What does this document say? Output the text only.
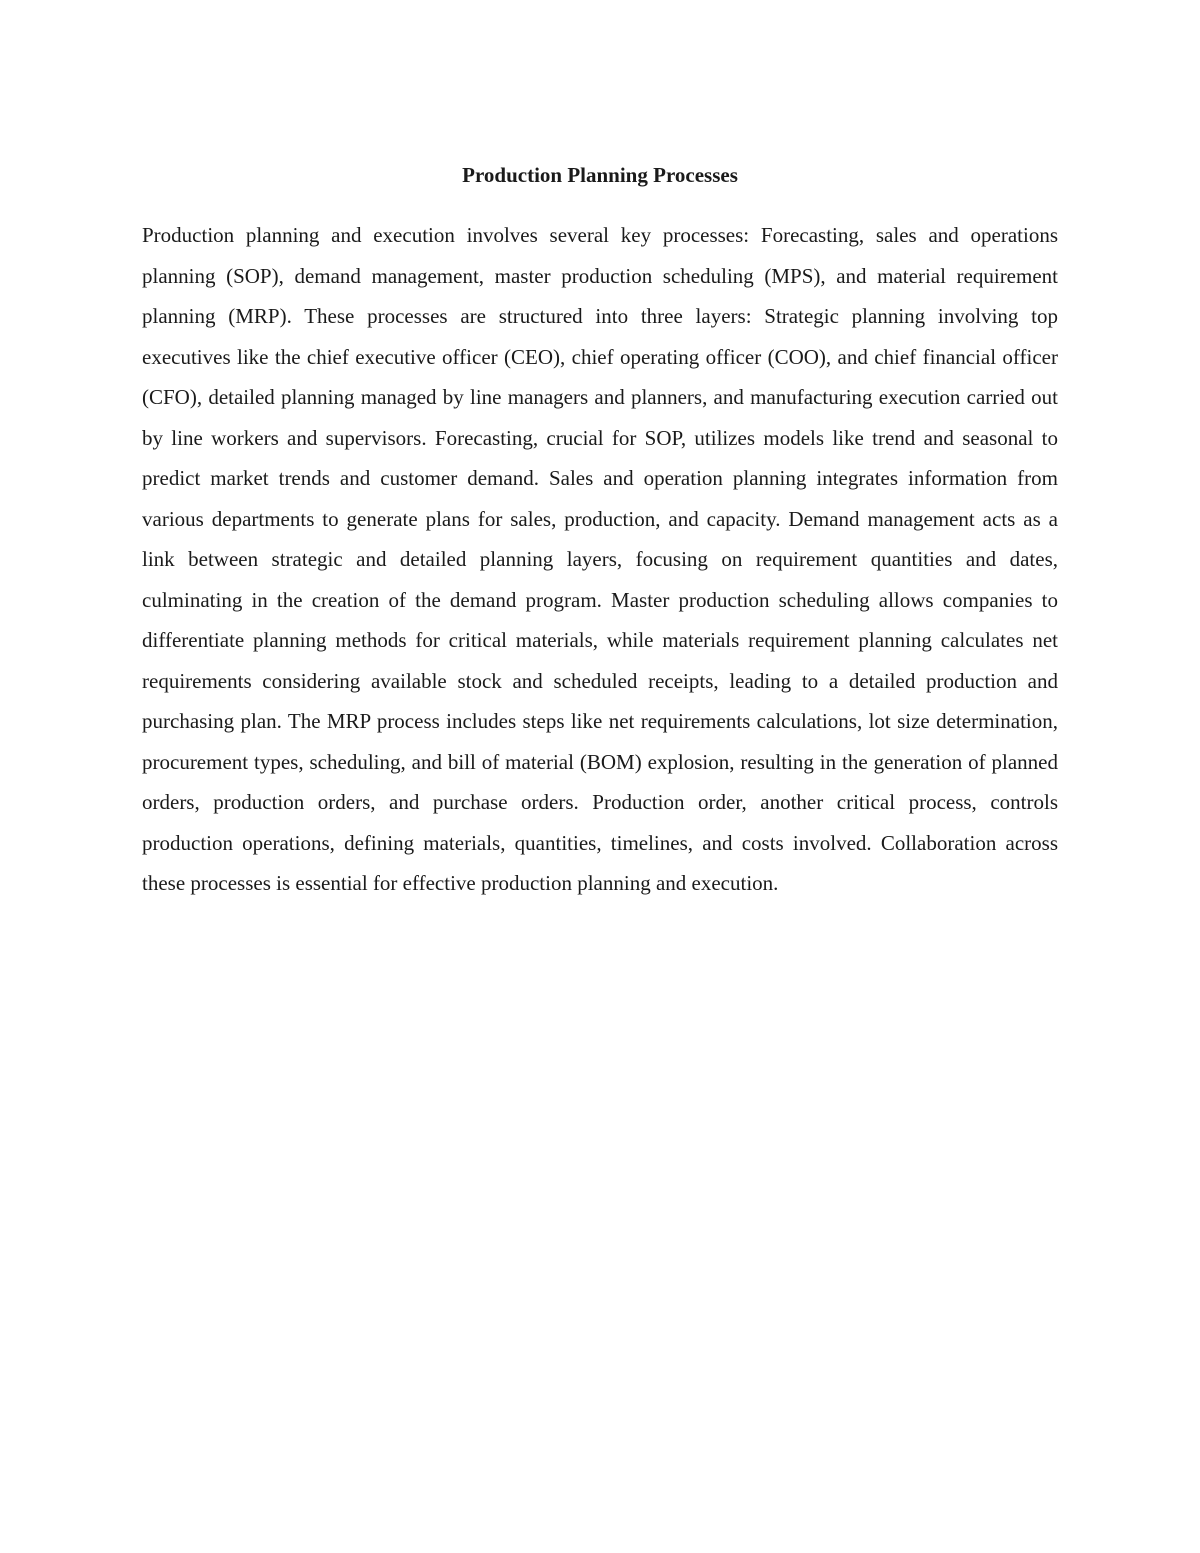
Production Planning Processes

Production planning and execution involves several key processes: Forecasting, sales and operations planning (SOP), demand management, master production scheduling (MPS), and material requirement planning (MRP). These processes are structured into three layers: Strategic planning involving top executives like the chief executive officer (CEO), chief operating officer (COO), and chief financial officer (CFO), detailed planning managed by line managers and planners, and manufacturing execution carried out by line workers and supervisors. Forecasting, crucial for SOP, utilizes models like trend and seasonal to predict market trends and customer demand. Sales and operation planning integrates information from various departments to generate plans for sales, production, and capacity. Demand management acts as a link between strategic and detailed planning layers, focusing on requirement quantities and dates, culminating in the creation of the demand program. Master production scheduling allows companies to differentiate planning methods for critical materials, while materials requirement planning calculates net requirements considering available stock and scheduled receipts, leading to a detailed production and purchasing plan. The MRP process includes steps like net requirements calculations, lot size determination, procurement types, scheduling, and bill of material (BOM) explosion, resulting in the generation of planned orders, production orders, and purchase orders. Production order, another critical process, controls production operations, defining materials, quantities, timelines, and costs involved. Collaboration across these processes is essential for effective production planning and execution.
